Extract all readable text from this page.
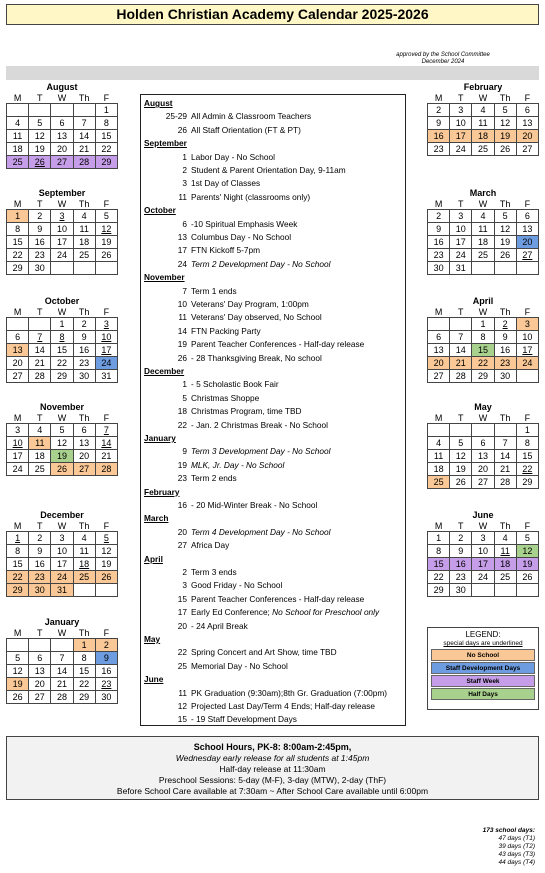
Holden Christian Academy Calendar 2025-2026
approved by the School Committee
December 2024
August
M	T	W	Th	F
				1
4	5	6	7	8
11	12	13	14	15
18	19	20	21	22
25	26	27	28	29
September
M	T	W	Th	F
1	2	3	4	5
8	9	10	11	12
15	16	17	18	19
22	23	24	25	26
29	30			
October
M	T	W	Th	F
		1	2	3
6	7	8	9	10
13	14	15	16	17
20	21	22	23	24
27	28	29	30	31
November
M	T	W	Th	F
3	4	5	6	7
10	11	12	13	14
17	18	19	20	21
24	25	26	27	28
December
M	T	W	Th	F
1	2	3	4	5
8	9	10	11	12
15	16	17	18	19
22	23	24	25	26
29	30	31		
January
M	T	W	Th	F
			1	2
5	6	7	8	9
12	13	14	15	16
19	20	21	22	23
26	27	28	29	30
February
M	T	W	Th	F
2	3	4	5	6
9	10	11	12	13
16	17	18	19	20
23	24	25	26	27
March
M	T	W	Th	F
2	3	4	5	6
9	10	11	12	13
16	17	18	19	20
23	24	25	26	27
30	31			
April
M	T	W	Th	F
		1	2	3
6	7	8	9	10
13	14	15	16	17
20	21	22	23	24
27	28	29	30	
May
M	T	W	Th	F
				1
4	5	6	7	8
11	12	13	14	15
18	19	20	21	22
25	26	27	28	29
June
M	T	W	Th	F
1	2	3	4	5
8	9	10	11	12
15	16	17	18	19
22	23	24	25	26
29	30			
August
25-29 All Admin & Classroom Teachers
26 All Staff Orientation (FT & PT)
September
1 Labor Day - No School
2 Student & Parent Orientation Day, 9-11am
3 1st Day of Classes
11 Parents' Night (classrooms only)
October
6 -10 Spiritual Emphasis Week
13 Columbus Day - No School
17 FTN Kickoff 5-7pm
24 Term 2 Development Day - No School
November
7 Term 1 ends
10 Veterans' Day Program, 1:00pm
11 Veterans' Day observed, No School
14 FTN Packing Party
19 Parent Teacher Conferences - Half-day release
26 - 28 Thanksgiving Break, No school
December
1 - 5 Scholastic Book Fair
5 Christmas Shoppe
18 Christmas Program, time TBD
22 - Jan. 2 Christmas Break - No School
January
9 Term 3 Development Day - No School
19 MLK, Jr. Day - No School
23 Term 2 ends
February
16 - 20 Mid-Winter Break - No School
March
20 Term 4 Development Day - No School
27 Africa Day
April
2 Term 3 ends
3 Good Friday - No School
15 Parent Teacher Conferences - Half-day release
17 Early Ed Conference; No School for Preschool only
20 - 24 April Break
May
22 Spring Concert and Art Show, time TBD
25 Memorial Day - No School
June
11 PK Graduation (9:30am);8th Gr. Graduation (7:00pm)
12 Projected Last Day/Term 4 Ends; Half-day release
15 - 19 Staff Development Days
LEGEND:
special days are underlined
No School
Staff Development Days
Staff Week
Half Days
School Hours, PK-8: 8:00am-2:45pm,
Wednesday early release for all students at 1:45pm
Half-day release at 11:30am
Preschool Sessions: 5-day (M-F), 3-day (MTW), 2-day (ThF)
Before School Care available at 7:30am ~ After School Care available until 6:00pm
173 school days:
47 days (T1)
39 days (T2)
43 days (T3)
44 days (T4)
